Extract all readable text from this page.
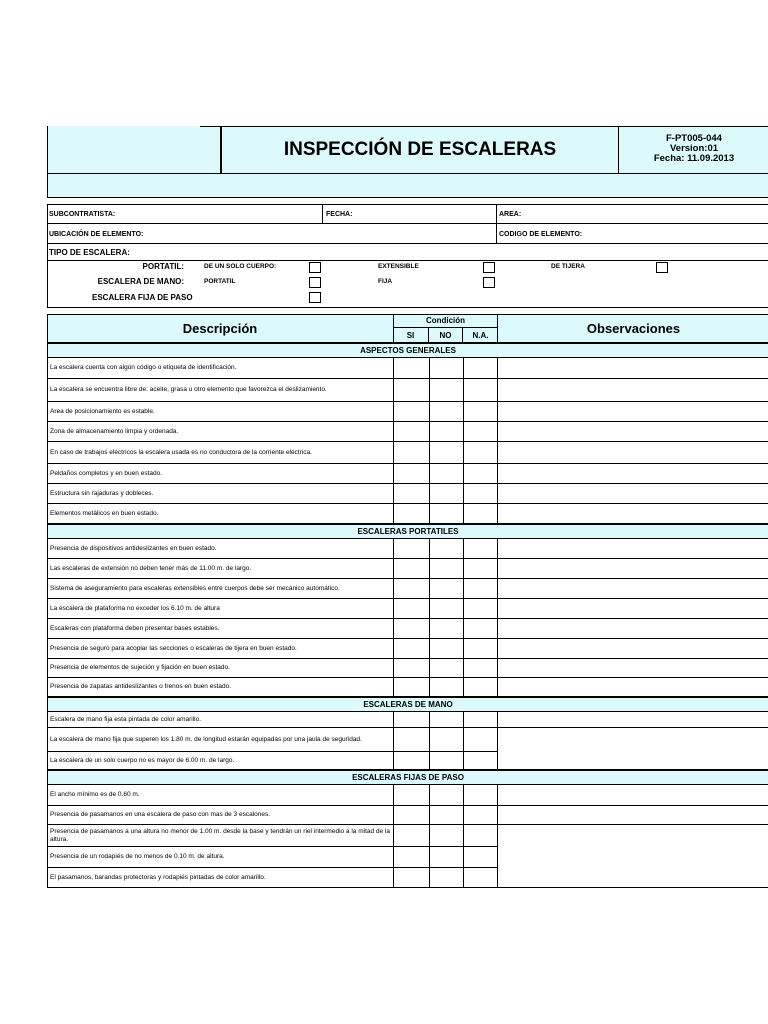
INSPECCIÓN DE ESCALERAS	F-PT005-044
Version:01
Fecha: 11.09.2013
SUBCONTRATISTA:	FECHA:	AREA:
UBICACIÓN DE ELEMENTO:	CODIGO DE ELEMENTO:
TIPO DE ESCALERA:
PORTATIL:	DE UN SOLO CUERPO:	EXTENSIBLE	DE TIJERA
ESCALERA DE MANO:	PORTATIL	FIJA
ESCALERA FIJA DE PASO
Descripción
Condición
SI	NO	N.A.	Observaciones
ASPECTOS GENERALES
La escalera cuenta con algún código o etiqueta de identificación.
La escalera se encuentra libre de: aceite, grasa u otro elemento que favorezca el deslizamiento.
Area de posicionamiento es estable.
Zona de almacenamiento limpia y ordenada.
En caso de trabajos eléctricos la escalera usada es no conductora de la corriente eléctrica.
Peldaños completos y en buen estado.
Estructura sin rajaduras y dobleces.
Elementos metálicos en buen estado.
ESCALERAS PORTATILES
Presencia de dispositivos antideslizantes en buen estado.
Las escaleras de extensión no deben tener más de 11.00 m. de largo.
Sistema de aseguramiento para escaleras extensibles entre cuerpos debe ser mecánico automático.
La escalera de plataforma no exceder los 6.10 m. de altura
Escaleras con plataforma deben presentar bases estables.
Presencia de seguro para acoplar las secciones o escaleras de tijera en buen estado.
Presencia de elementos de sujeción y fijación en buen estado.
Presencia de zapatas antideslizantes o frenos en buen estado.
ESCALERAS DE MANO
Escalera de mano fija esta pintada de color amarillo.
La escalera de mano fija que superen los 1.80 m. de longitud estarán equipadas por una jaula de seguridad.
La escalera de un solo cuerpo no es mayor de 6.00 m. de largo.
ESCALERAS FIJAS DE PASO
El ancho mínimo es de 0.60 m.
Presencia de pasamanos en una escalera de paso con mas de 3 escalones.
Presencia de pasamanos a una altura no menor de 1.00 m. desde la base y tendrán un riel intermedio a la mitad de la altura.
Presencia de un rodapiés de no menos de 0.10 m. de altura.
El pasamanos, barandas protectoras y rodapiés pintadas de color amarillo.
